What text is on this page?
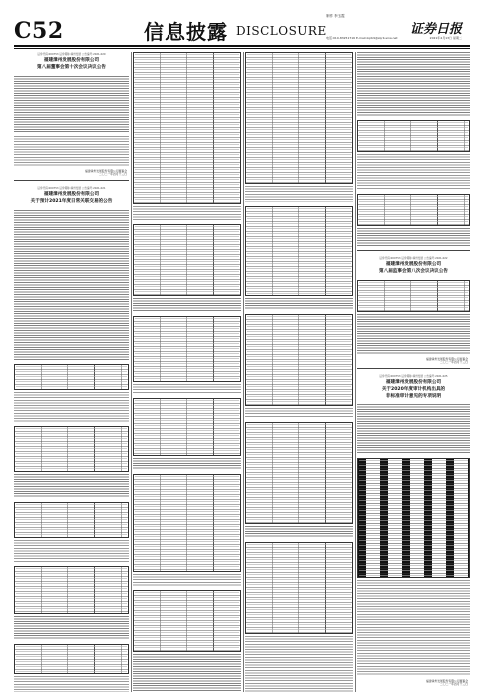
C52	信息披露 DISCLOSURE
制作 李玉霞
电话:010-83251716 E-mail:zqrb9@zqrb.sina.net
证券日报
2021年4月13日 星期二
证券代码:000753 证券简称:漳州发展 公告编号:2021-020
福建漳州发展股份有限公司
第八届董事会第十次会议决议公告
福建漳州发展股份有限公司董事会
二〇二一年四月十三日
证券代码:000753 证券简称:漳州发展 公告编号:2021-021
福建漳州发展股份有限公司
关于预计2021年度日常关联交易的公告
证券代码:000753 证券简称:漳州发展 公告编号:2021-022
福建漳州发展股份有限公司
第八届监事会第八次会议决议公告
福建漳州发展股份有限公司监事会
二〇二一年四月十三日
证券代码:000753 证券简称:漳州发展 公告编号:2021-025
福建漳州发展股份有限公司
关于2020年度审计机构出具的
非标准审计意见的专项说明
福建漳州发展股份有限公司董事会
二〇二一年四月十三日
